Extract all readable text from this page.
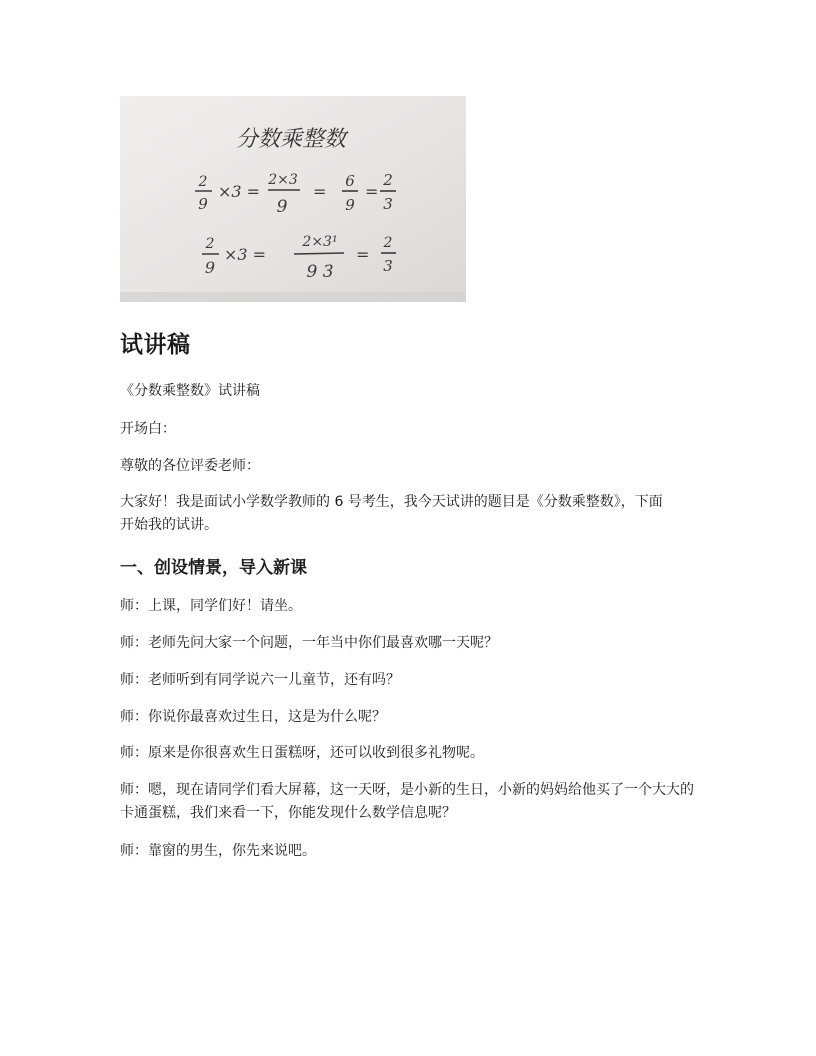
分数乘整数
2
9
×3 =
2×3
9
=
6
9
=
2
3
2
9
×3 =
2×3¹
9 3
=
2
3
试讲稿

《分数乘整数》试讲稿

开场白：

尊敬的各位评委老师：

大家好！我是面试小学数学教师的 6 号考生，我今天试讲的题目是《分数乘整数》，下面开始我的试讲。

一、创设情景，导入新课

师：上课，同学们好！请坐。

师：老师先问大家一个问题，一年当中你们最喜欢哪一天呢？

师：老师听到有同学说六一儿童节，还有吗？

师：你说你最喜欢过生日，这是为什么呢？

师：原来是你很喜欢生日蛋糕呀，还可以收到很多礼物呢。

师：嗯，现在请同学们看大屏幕，这一天呀，是小新的生日，小新的妈妈给他买了一个大大的卡通蛋糕，我们来看一下，你能发现什么数学信息呢？

师：靠窗的男生，你先来说吧。
